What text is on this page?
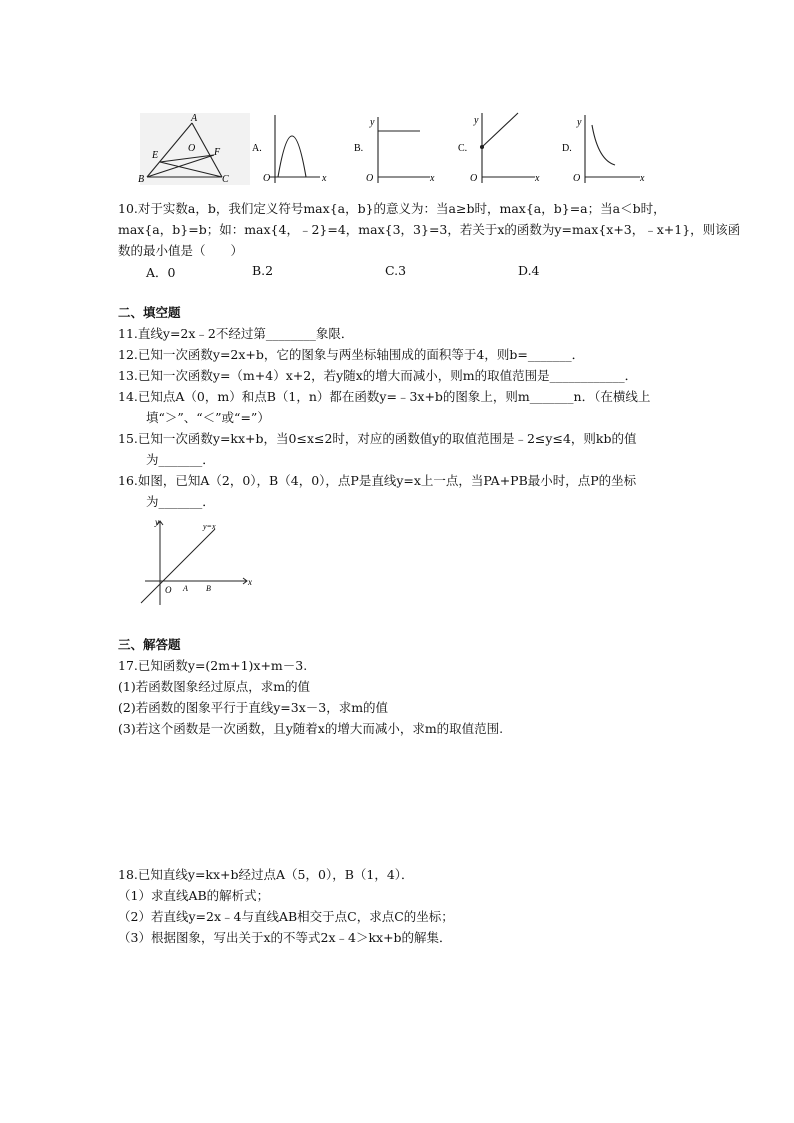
A
B	C
E
O F	A.
O	x
B.
y
O	x
C.
y
O	x
D.
y
O	x
10.对于实数a，b，我们定义符号max{a，b}的意义为：当a≥b时，max{a，b}=a；当a＜b时，
max{a，b}=b；如：max{4，﹣2}=4，max{3，3}=3，若关于x的函数为y=max{x+3，﹣x+1}，则该函
数的最小值是（　　）
A．0	B.2	C.3	D.4
二、填空题
11.直线y=2x﹣2不经过第________象限．
12.已知一次函数y=2x+b，它的图象与两坐标轴围成的面积等于4，则b=_______．
13.已知一次函数y=（m+4）x+2，若y随x的增大而减小，则m的取值范围是____________．
14.已知点A（0，m）和点B（1，n）都在函数y=﹣3x+b的图象上，则m_______n．（在横线上
填“＞”、“＜”或“=”）
15.已知一次函数y=kx+b，当0≤x≤2时，对应的函数值y的取值范围是﹣2≤y≤4，则kb的值
为_______．
16.如图，已知A（2，0），B（4，0），点P是直线y=x上一点，当PA+PB最小时，点P的坐标
为_______．
y
x
y=x
O A B
三、解答题
17.已知函数y=(2m+1)x+m－3.
(1)若函数图象经过原点，求m的值
(2)若函数的图象平行于直线y=3x－3，求m的值
(3)若这个函数是一次函数，且y随着x的增大而减小，求m的取值范围.
18.已知直线y=kx+b经过点A（5，0），B（1，4）．
（1）求直线AB的解析式；
（2）若直线y=2x﹣4与直线AB相交于点C，求点C的坐标；
（3）根据图象，写出关于x的不等式2x﹣4＞kx+b的解集．
